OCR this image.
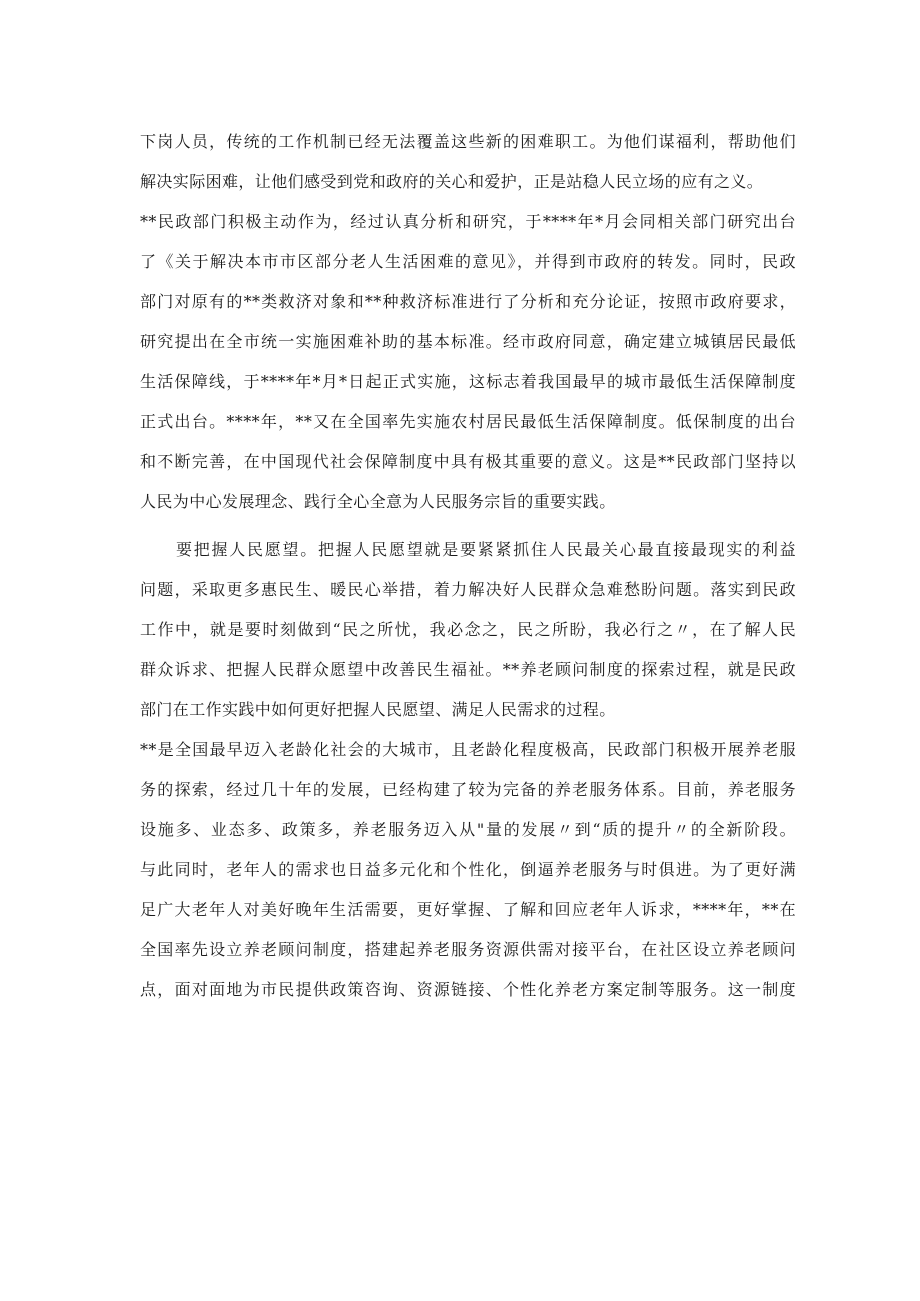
下岗人员，传统的工作机制已经无法覆盖这些新的困难职工。为他们谋福利，帮助他们
解决实际困难，让他们感受到党和政府的关心和爱护，正是站稳人民立场的应有之义。
**民政部门积极主动作为，经过认真分析和研究，于****年*月会同相关部门研究出台
了《关于解决本市市区部分老人生活困难的意见》，并得到市政府的转发。同时，民政
部门对原有的**类救济对象和**种救济标准进行了分析和充分论证，按照市政府要求，
研究提出在全市统一实施困难补助的基本标准。经市政府同意，确定建立城镇居民最低
生活保障线，于****年*月*日起正式实施，这标志着我国最早的城市最低生活保障制度
正式出台。****年，**又在全国率先实施农村居民最低生活保障制度。低保制度的出台
和不断完善，在中国现代社会保障制度中具有极其重要的意义。这是**民政部门坚持以
人民为中心发展理念、践行全心全意为人民服务宗旨的重要实践。
要把握人民愿望。把握人民愿望就是要紧紧抓住人民最关心最直接最现实的利益
问题，采取更多惠民生、暖民心举措，着力解决好人民群众急难愁盼问题。落实到民政
工作中，就是要时刻做到“民之所忧，我必念之，民之所盼，我必行之〃，在了解人民
群众诉求、把握人民群众愿望中改善民生福祉。**养老顾问制度的探索过程，就是民政
部门在工作实践中如何更好把握人民愿望、满足人民需求的过程。
**是全国最早迈入老龄化社会的大城市，且老龄化程度极高，民政部门积极开展养老服
务的探索，经过几十年的发展，已经构建了较为完备的养老服务体系。目前，养老服务
设施多、业态多、政策多，养老服务迈入从"量的发展〃到“质的提升〃的全新阶段。
与此同时，老年人的需求也日益多元化和个性化，倒逼养老服务与时俱进。为了更好满
足广大老年人对美好晚年生活需要，更好掌握、了解和回应老年人诉求，****年，**在
全国率先设立养老顾问制度，搭建起养老服务资源供需对接平台，在社区设立养老顾问
点，面对面地为市民提供政策咨询、资源链接、个性化养老方案定制等服务。这一制度
